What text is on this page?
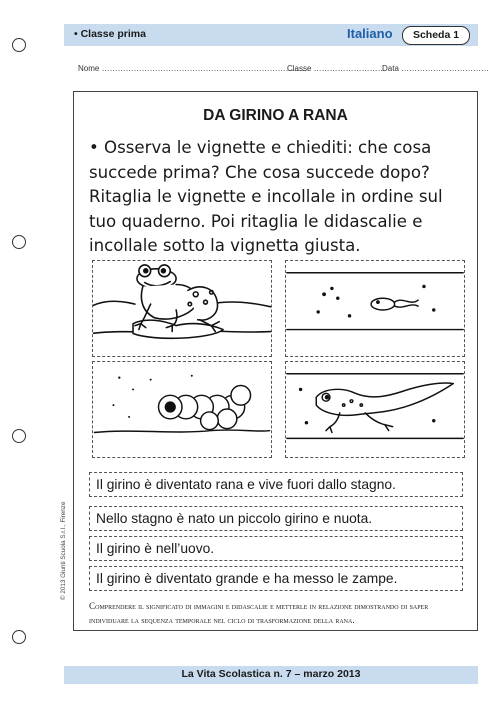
• Classe prima	Italiano	Scheda 1
Nome ……………………………………………………………………
Classe ………………………
Data ……………………………
DA GIRINO A RANA

• Osserva le vignette e chiediti: che cosa succede prima? Che cosa succede dopo? Ritaglia le vignette e incollale in ordine sul tuo quaderno. Poi ritaglia le didascalie e incollale sotto la vignetta giusta.

Il girino è diventato rana e vive fuori dallo stagno.
Nello stagno è nato un piccolo girino e nuota.
Il girino è nell’uovo.
Il girino è diventato grande e ha messo le zampe.

Comprendere il significato di immagini e didascalie e metterle in relazione dimostrando di saper individuare la sequenza temporale nel ciclo di trasformazione della rana.

© 2013 Giunti Scuola S.r.l., Firenze
La Vita Scolastica n. 7 – marzo 2013
